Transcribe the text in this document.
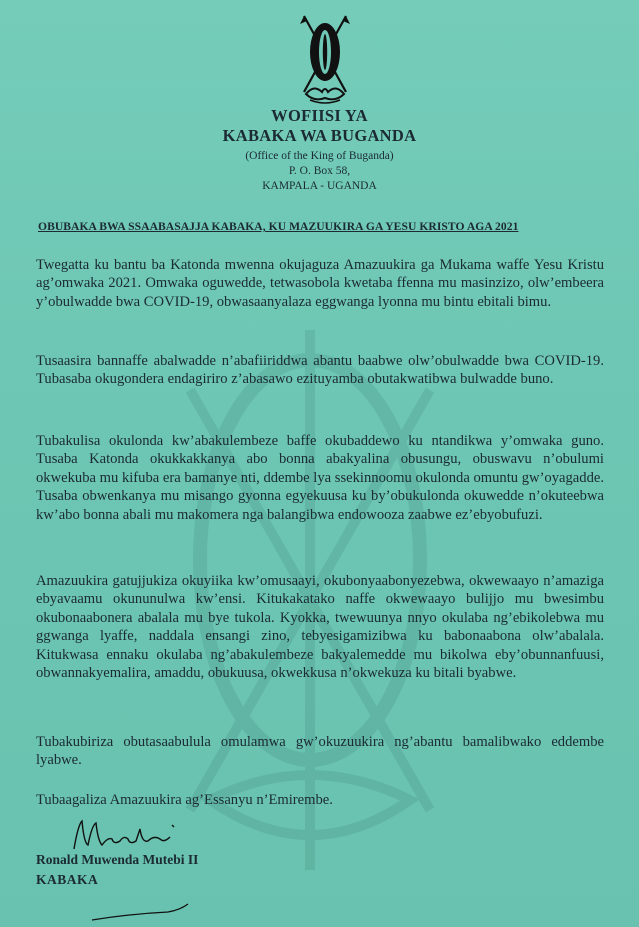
WOFIISI YA
KABAKA WA BUGANDA
(Office of the King of Buganda)
P. O. Box 58,
KAMPALA - UGANDA
OBUBAKA BWA SSAABASAJJA KABAKA, KU MAZUUKIRA GA YESU KRISTO AGA 2021

Twegatta ku bantu ba Katonda mwenna okujaguza Amazuukira ga Mukama waffe Yesu Kristu ag’omwaka 2021. Omwaka oguwedde, tetwasobola kwetaba ffenna mu masinzizo, olw’embeera y’obulwadde bwa COVID-19, obwasaanyalaza eggwanga lyonna mu bintu ebitali bimu.

Tusaasira bannaffe abalwadde n’abafiiriddwa abantu baabwe olw’obulwadde bwa COVID-19. Tubasaba okugondera endagiriro z’abasawo ezituyamba obutakwatibwa bulwadde buno.

Tubakulisa okulonda kw’abakulembeze baffe okubaddewo ku ntandikwa y’omwaka guno. Tusaba Katonda okukkakkanya abo bonna abakyalina obusungu, obuswavu n’obulumi okwekuba mu kifuba era bamanye nti, ddembe lya ssekinnoomu okulonda omuntu gw’oyagadde. Tusaba obwenkanya mu misango gyonna egyekuusa ku by’obukulonda okuwedde n’okuteebwa kw’abo bonna abali mu makomera nga balangibwa endowooza zaabwe ez’ebyobufuzi.

Amazuukira gatujjukiza okuyiika kw’omusaayi, okubonyaabonyezebwa, okwewaayo n’amaziga ebyavaamu okununulwa kw’ensi. Kitukakatako naffe okwewaayo bulijjo mu bwesimbu okubonaabonera abalala mu bye tukola. Kyokka, twewuunya nnyo okulaba ng’ebikolebwa mu ggwanga lyaffe, naddala ensangi zino, tebyesigamizibwa ku babonaabona olw’abalala. Kitukwasa ennaku okulaba ng’abakulembeze bakyalemedde mu bikolwa eby’obunnanfuusi, obwannakyemalira, amaddu, obukuusa, okwekkusa n’okwekuza ku bitali byabwe.

Tubakubiriza obutasaabulula omulamwa gw’okuzuukira ng’abantu bamalibwako eddembe lyabwe.

Tubaagaliza Amazuukira ag’Essanyu n’Emirembe.

Ronald Muwenda Mutebi II
KABAKA
